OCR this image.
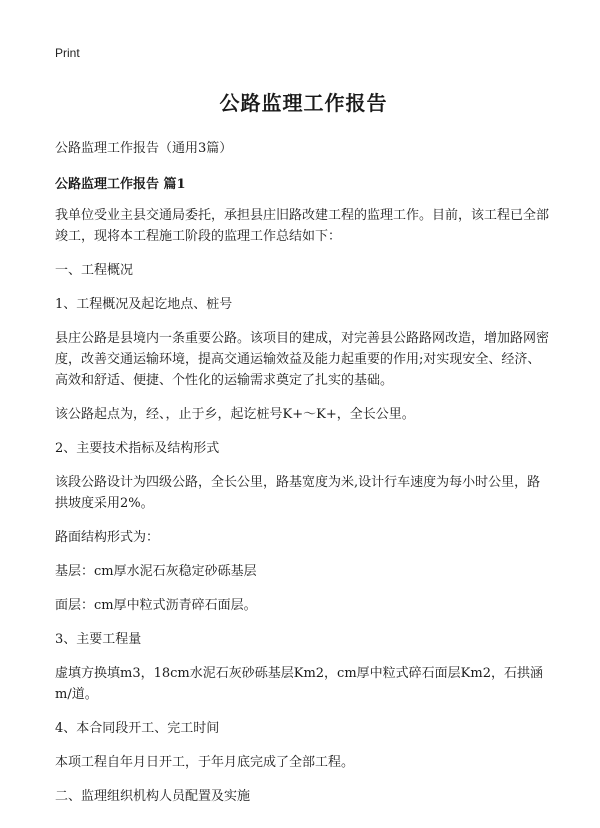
Print
公路监理工作报告

公路监理工作报告（通用3篇）

公路监理工作报告 篇1

我单位受业主县交通局委托，承担县庄旧路改建工程的监理工作。目前，该工程已全部竣工，现将本工程施工阶段的监理工作总结如下：

一、工程概况

1、工程概况及起讫地点、桩号

县庄公路是县境内一条重要公路。该项目的建成，对完善县公路路网改造，增加路网密度，改善交通运输环境，提高交通运输效益及能力起重要的作用;对实现安全、经济、高效和舒适、便捷、个性化的运输需求奠定了扎实的基础。

该公路起点为，经、，止于乡，起讫桩号K+～K+，全长公里。

2、主要技术指标及结构形式

该段公路设计为四级公路，全长公里，路基宽度为米,设计行车速度为每小时公里，路拱坡度采用2%。

路面结构形式为：

基层：cm厚水泥石灰稳定砂砾基层

面层：cm厚中粒式沥青碎石面层。

3、主要工程量

虚填方换填m3，18cm水泥石灰砂砾基层Km2，cm厚中粒式碎石面层Km2，石拱涵m/道。

4、本合同段开工、完工时间

本项工程自年月日开工，于年月底完成了全部工程。

二、监理组织机构人员配置及实施
